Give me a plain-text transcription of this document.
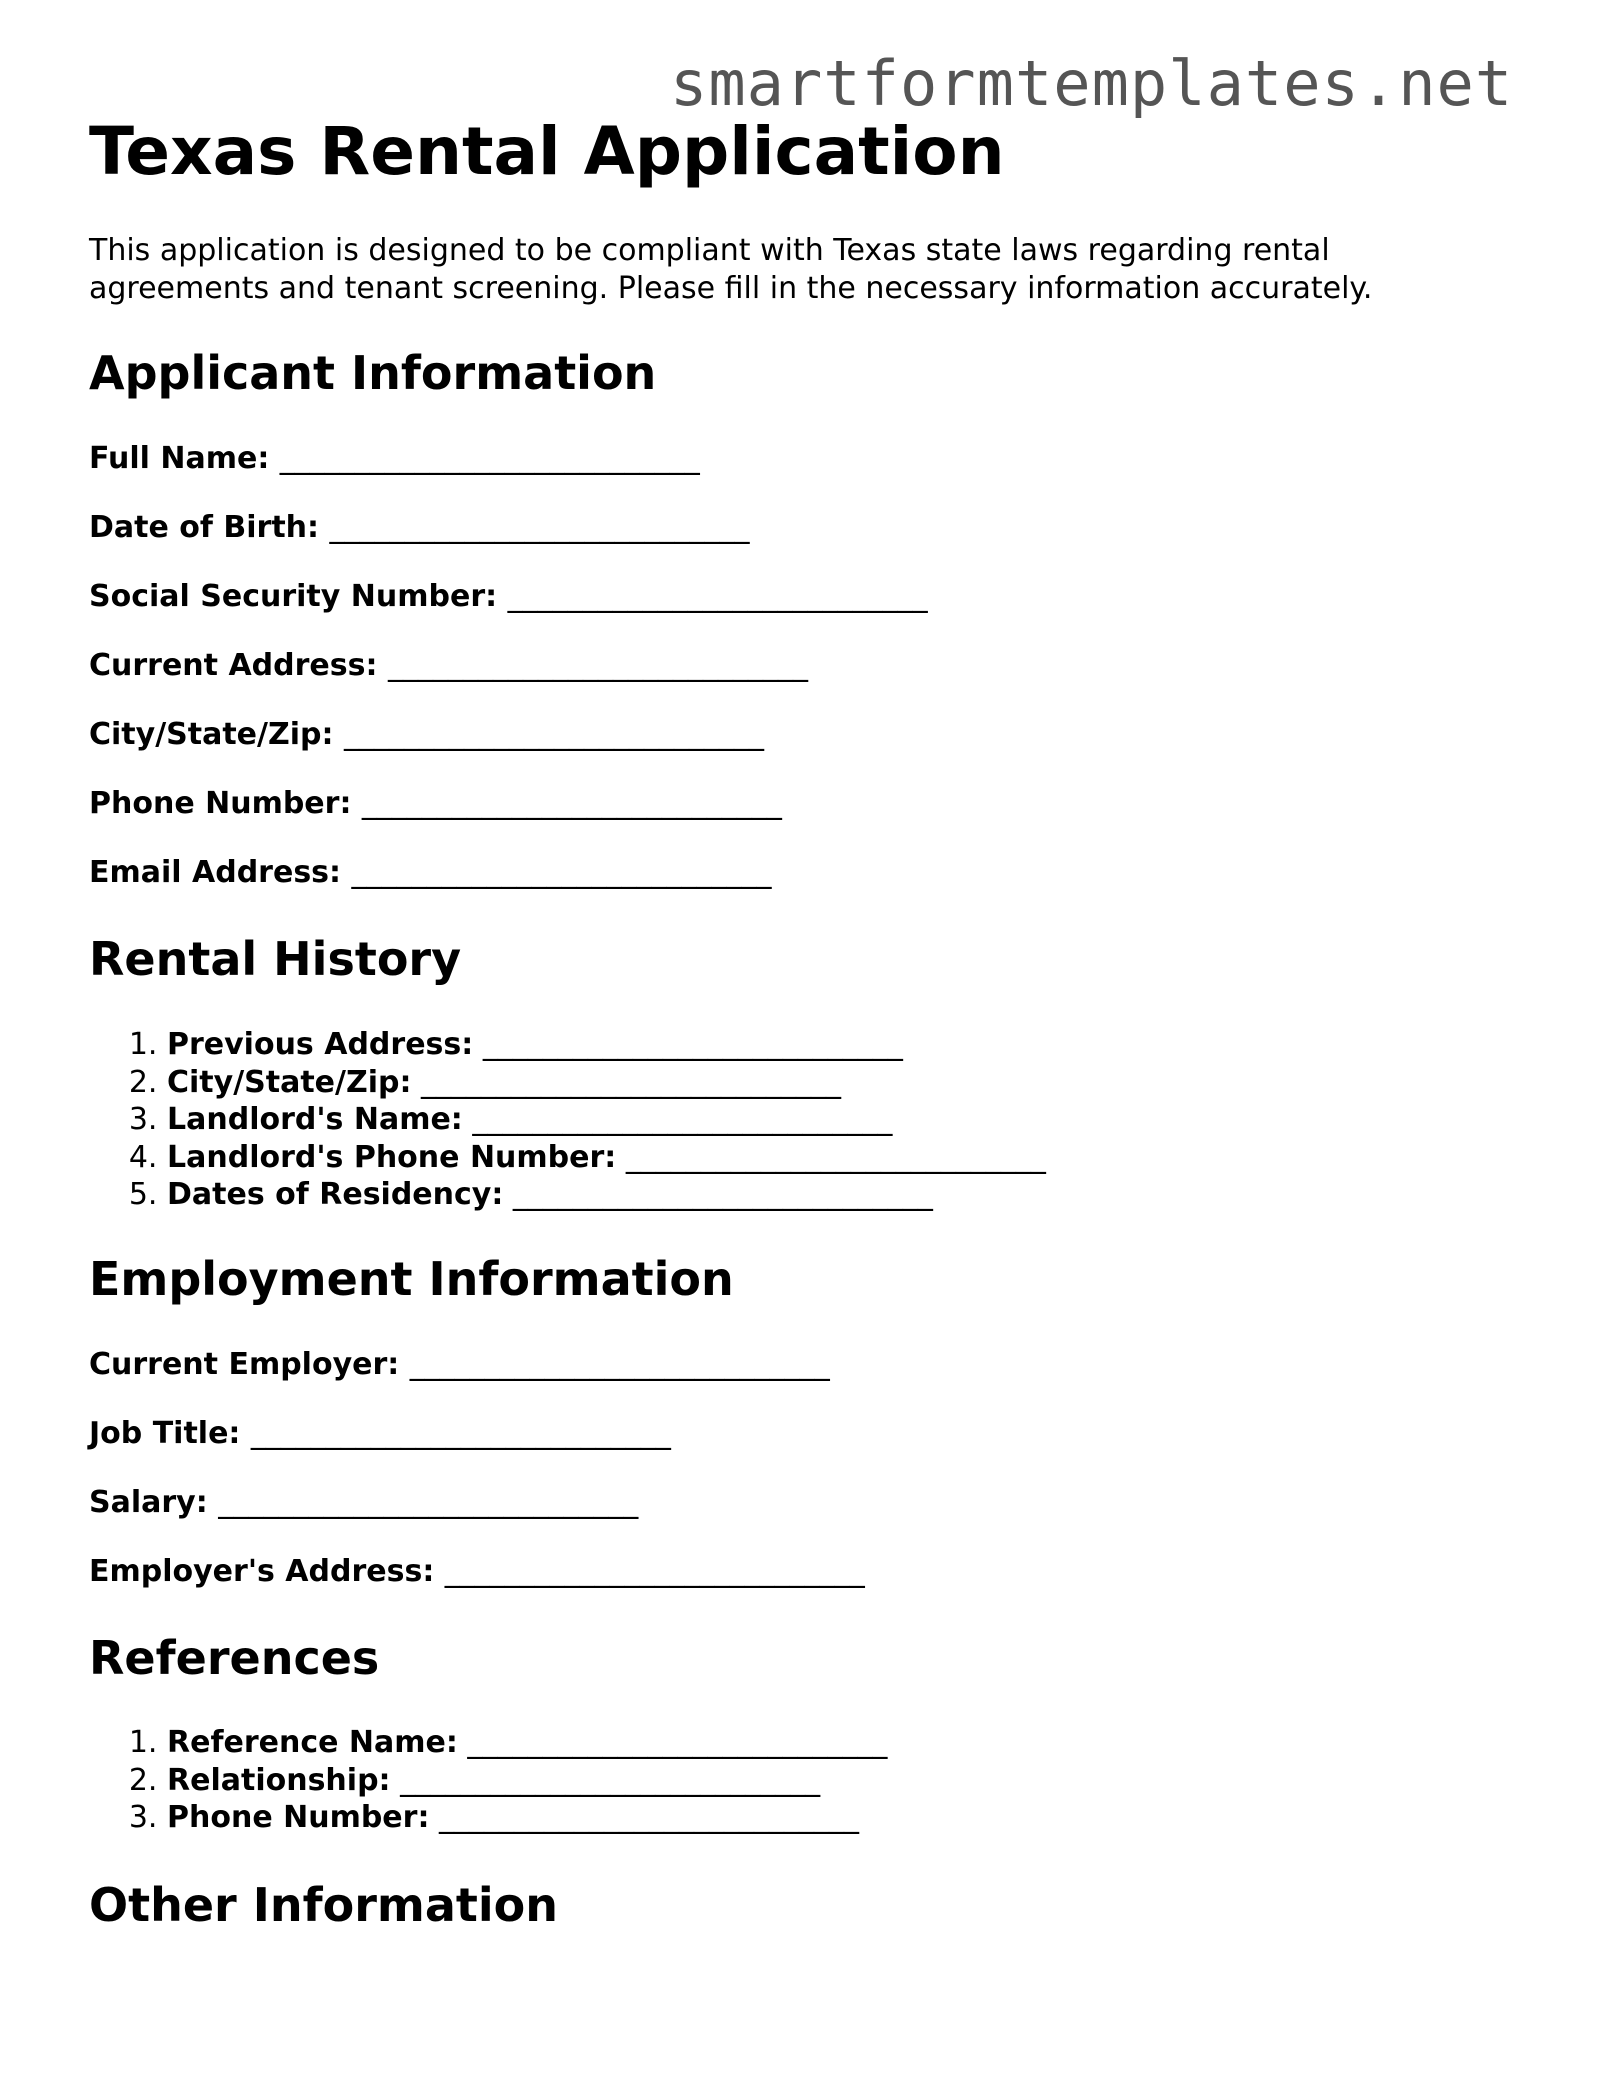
smartformtemplates.net

Texas Rental Application

This application is designed to be compliant with Texas state laws regarding rental agreements and tenant screening. Please fill in the necessary information accurately.

Applicant Information

Full Name: ____________________________

Date of Birth: ____________________________

Social Security Number: ____________________________

Current Address: ____________________________

City/State/Zip: ____________________________

Phone Number: ____________________________

Email Address: ____________________________

Rental History
1. Previous Address: ____________________________
2. City/State/Zip: ____________________________
3. Landlord's Name: ____________________________
4. Landlord's Phone Number: ____________________________
5. Dates of Residency: ____________________________
Employment Information

Current Employer: ____________________________

Job Title: ____________________________

Salary: ____________________________

Employer's Address: ____________________________

References
1. Reference Name: ____________________________
2. Relationship: ____________________________
3. Phone Number: ____________________________
Other Information
